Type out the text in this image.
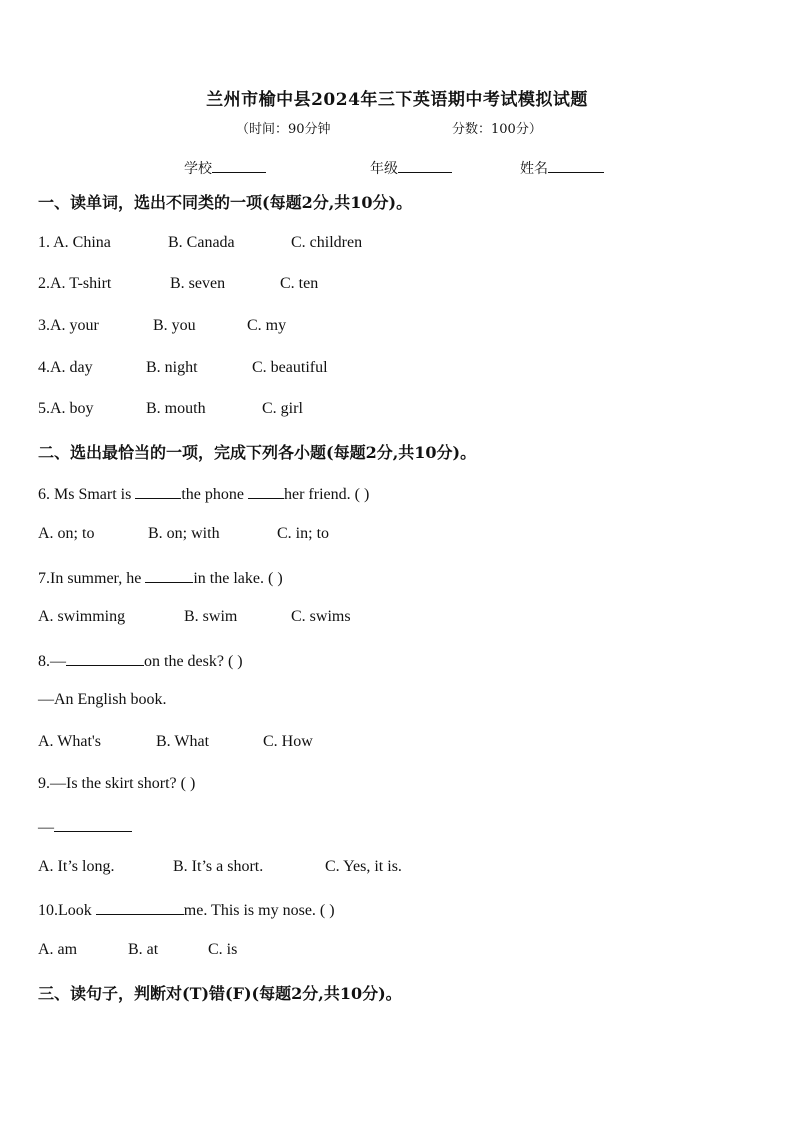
兰州市榆中县2024年三下英语期中考试模拟试题
（时间：90分钟	分数：100分）
学校	年级	姓名
一、读单词，选出不同类的一项(每题2分,共10分)。
1. A. China	B. Canada	C. children
2.A. T-shirt	B. seven	C. ten
3.A. your	B. you	C. my
4.A. day	B. night	C. beautiful
5.A. boy	B. mouth	C. girl
二、选出最恰当的一项，完成下列各小题(每题2分,共10分)。
6. Ms Smart is	the phone her friend. ( )
A. on; to	B. on; with	C. in; to
7.In summer, he	in the lake. ( )
A. swimming	B. swim	C. swims
8.—	on the desk? ( )
—An English book.
A. What's	B. What	C. How
9.—Is the skirt short? ( )
—
A. It’s long.	B. It’s a short.	C. Yes, it is.
10.Look	me. This is my nose. ( )
A. am	B. at	C. is
三、读句子，判断对(T)错(F)(每题2分,共10分)。
